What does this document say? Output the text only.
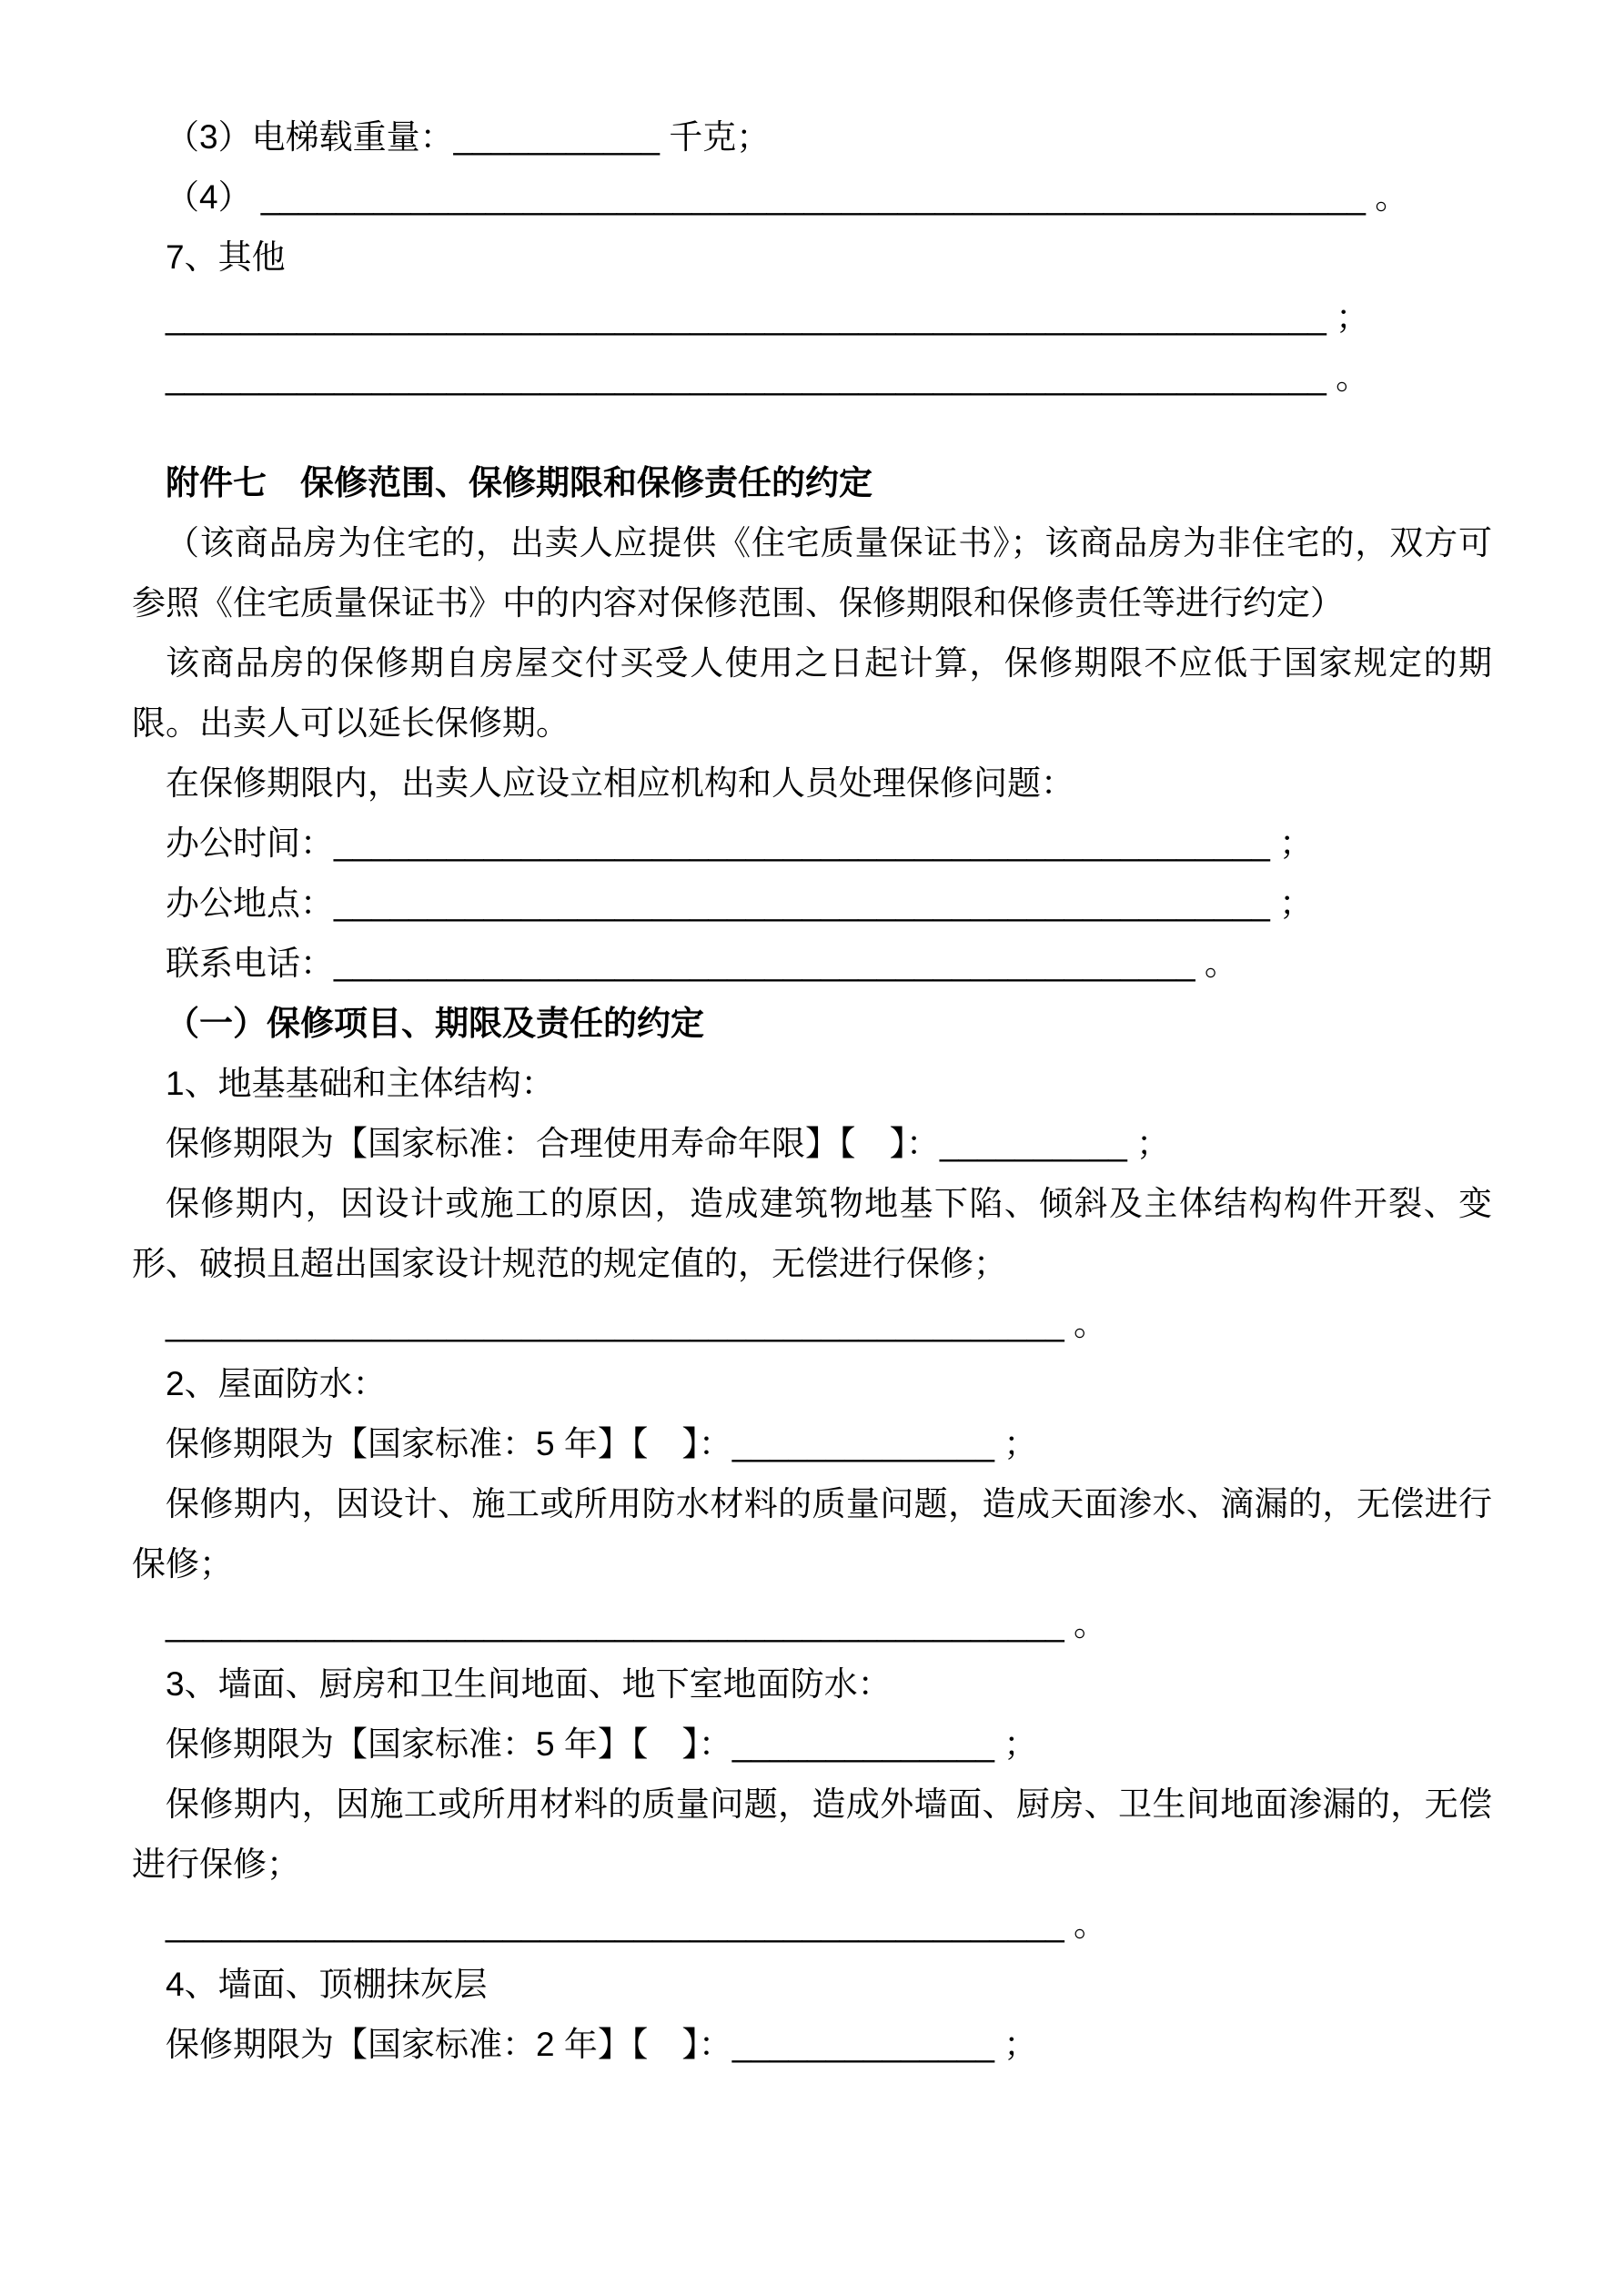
（3）电梯载重量：___________ 千克；

（4） ___________________________________________________________ 。

7、其他

______________________________________________________________ ；

______________________________________________________________ 。

附件七　保修范围、保修期限和保修责任的约定

（该商品房为住宅的，出卖人应提供《住宅质量保证书》；该商品房为非住宅的，双方可参照《住宅质量保证书》中的内容对保修范围、保修期限和保修责任等进行约定）

该商品房的保修期自房屋交付买受人使用之日起计算，保修期限不应低于国家规定的期限。出卖人可以延长保修期。

在保修期限内，出卖人应设立相应机构和人员处理保修问题：

办公时间：__________________________________________________ ；

办公地点：__________________________________________________ ；

联系电话：______________________________________________ 。

（一）保修项目、期限及责任的约定

1、地基基础和主体结构：

保修期限为【国家标准：合理使用寿命年限】【　】：__________ ；

保修期内，因设计或施工的原因，造成建筑物地基下陷、倾斜及主体结构构件开裂、变形、破损且超出国家设计规范的规定值的，无偿进行保修；

________________________________________________ 。

2、屋面防水：

保修期限为【国家标准：5 年】【　】：______________ ；

保修期内，因设计、施工或所用防水材料的质量问题，造成天面渗水、滴漏的，无偿进行保修；

________________________________________________ 。

3、墙面、厨房和卫生间地面、地下室地面防水：

保修期限为【国家标准：5 年】【　】：______________ ；

保修期内，因施工或所用材料的质量问题，造成外墙面、厨房、卫生间地面渗漏的，无偿进行保修；

________________________________________________ 。

4、墙面、顶棚抹灰层

保修期限为【国家标准：2 年】【　】：______________ ；
